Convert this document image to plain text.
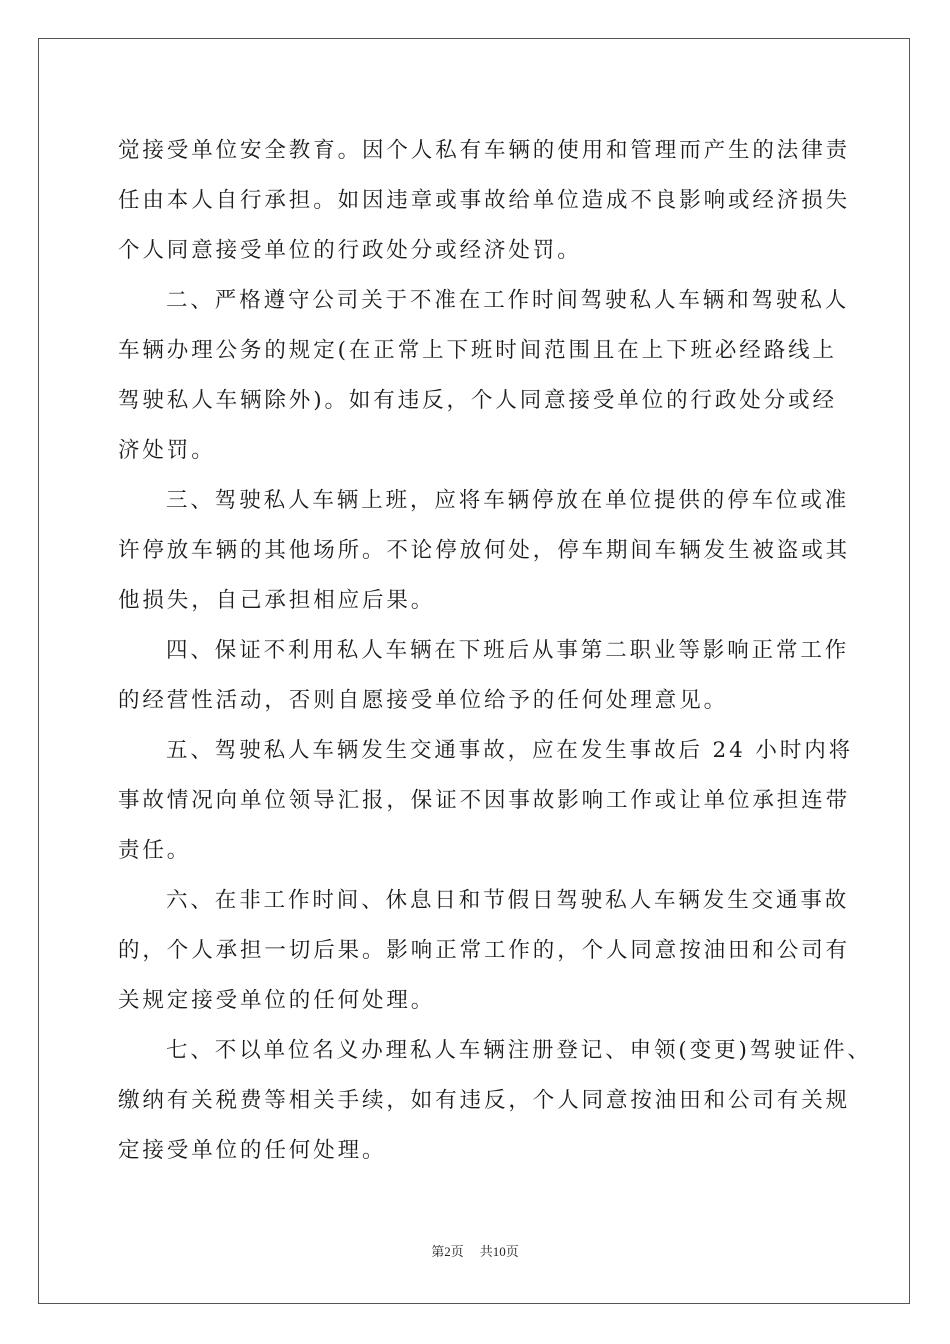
觉接受单位安全教育。因个人私有车辆的使用和管理而产生的法律责
任由本人自行承担。如因违章或事故给单位造成不良影响或经济损失
个人同意接受单位的行政处分或经济处罚。
二、严格遵守公司关于不准在工作时间驾驶私人车辆和驾驶私人
车辆办理公务的规定(在正常上下班时间范围且在上下班必经路线上
驾驶私人车辆除外)。如有违反，个人同意接受单位的行政处分或经
济处罚。
三、驾驶私人车辆上班，应将车辆停放在单位提供的停车位或准
许停放车辆的其他场所。不论停放何处，停车期间车辆发生被盗或其
他损失，自己承担相应后果。
四、保证不利用私人车辆在下班后从事第二职业等影响正常工作
的经营性活动，否则自愿接受单位给予的任何处理意见。
五、驾驶私人车辆发生交通事故，应在发生事故后 24 小时内将
事故情况向单位领导汇报，保证不因事故影响工作或让单位承担连带
责任。
六、在非工作时间、休息日和节假日驾驶私人车辆发生交通事故
的，个人承担一切后果。影响正常工作的，个人同意按油田和公司有
关规定接受单位的任何处理。
七、不以单位名义办理私人车辆注册登记、申领(变更)驾驶证件、
缴纳有关税费等相关手续，如有违反，个人同意按油田和公司有关规
定接受单位的任何处理。
第2页 共10页
